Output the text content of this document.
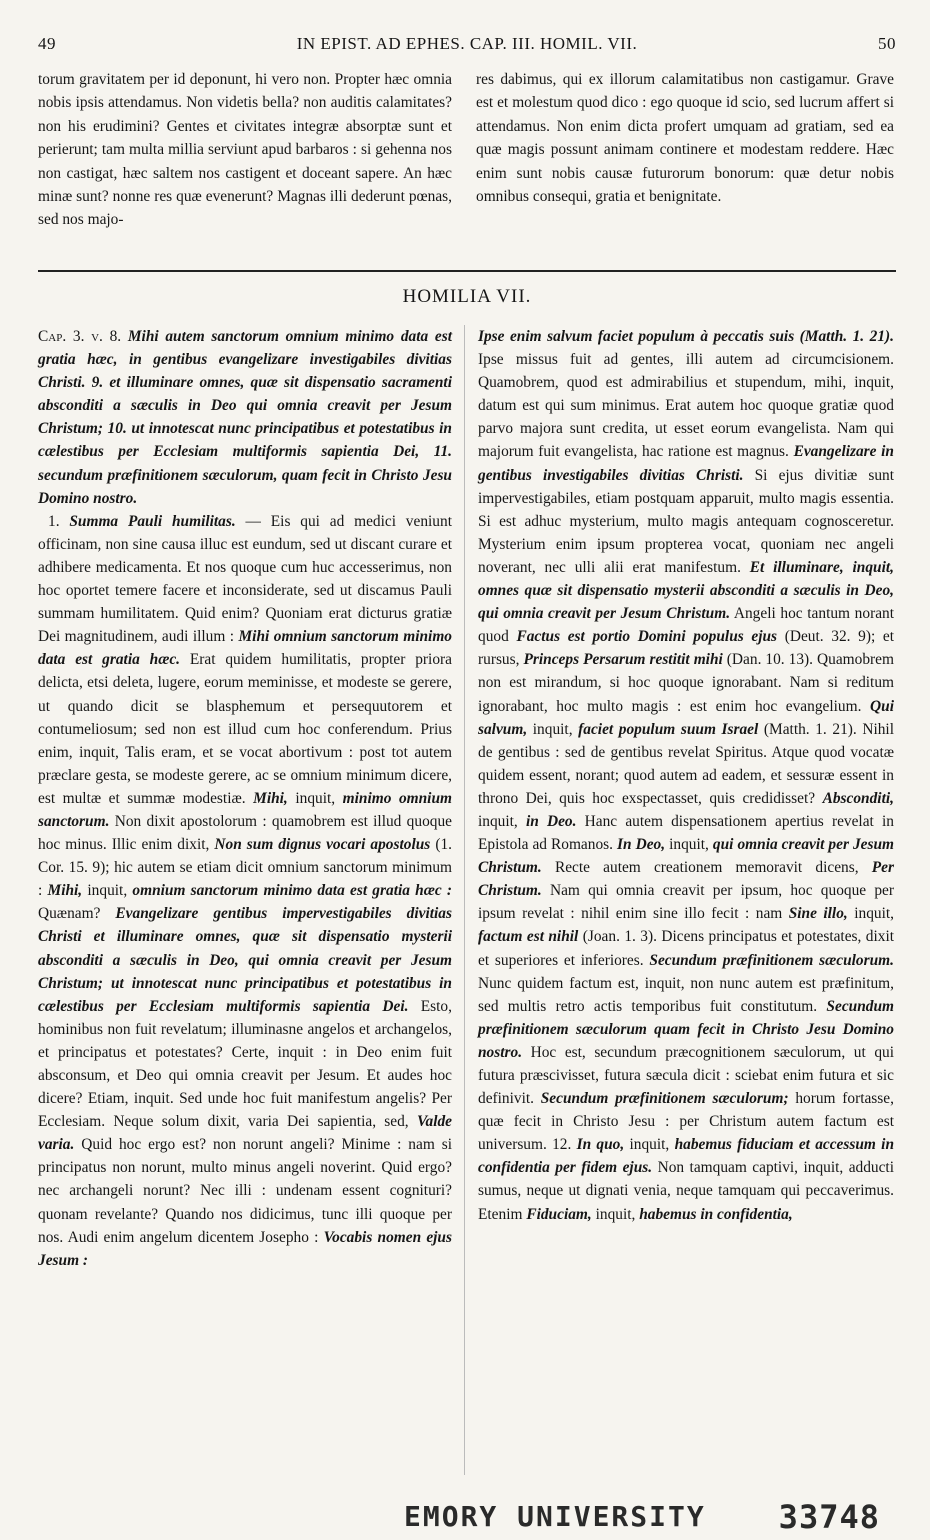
49	IN EPIST. AD EPHES. CAP. III. HOMIL. VII.	50

torum gravitatem per id deponunt, hi vero non. Propter hæc omnia nobis ipsis attendamus. Non videtis bella? non auditis calamitates? non his erudimini? Gentes et civitates integræ absorptæ sunt et perierunt; tam multa millia serviunt apud barbaros : si gehenna nos non castigat, hæc saltem nos castigent et doceant sapere. An hæc minæ sunt? nonne res quæ evenerunt? Magnas illi dederunt pœnas, sed nos majo-

res dabimus, qui ex illorum calamitatibus non castigamur. Grave est et molestum quod dico : ego quoque id scio, sed lucrum affert si attendamus. Non enim dicta profert umquam ad gratiam, sed ea quæ magis possunt animam continere et modestam reddere. Hæc enim sunt nobis causæ futurorum bonorum: quæ detur nobis omnibus consequi, gratia et benignitate.

HOMILIA VII.

Cap. 3. v. 8. Mihi autem sanctorum omnium minimo data est gratia hæc, in gentibus evangelizare investigabiles divitias Christi. 9. et illuminare omnes, quæ sit dispensatio sacramenti absconditi a sæculis in Deo qui omnia creavit per Jesum Christum; 10. ut innotescat nunc principatibus et potestatibus in cælestibus per Ecclesiam multiformis sapientia Dei, 11. secundum præfinitionem sæculorum, quam fecit in Christo Jesu Domino nostro.

1. Summa Pauli humilitas. — Eis qui ad medici veniunt officinam, non sine causa illuc est eundum, sed ut discant curare et adhibere medicamenta. Et nos quoque cum huc accesserimus, non hoc oportet temere facere et inconsiderate, sed ut discamus Pauli summam humilitatem. Quid enim? Quoniam erat dicturus gratiæ Dei magnitudinem, audi illum : Mihi omnium sanctorum minimo data est gratia hæc. Erat quidem humilitatis, propter priora delicta, etsi deleta, lugere, eorum meminisse, et modeste se gerere, ut quando dicit se blasphemum et persequutorem et contumeliosum; sed non est illud cum hoc conferendum. Prius enim, inquit, Talis eram, et se vocat abortivum : post tot autem præclare gesta, se modeste gerere, ac se omnium minimum dicere, est multæ et summæ modestiæ. Mihi, inquit, minimo omnium sanctorum. Non dixit apostolorum : quamobrem est illud quoque hoc minus. Illic enim dixit, Non sum dignus vocari apostolus (1. Cor. 15. 9); hic autem se etiam dicit omnium sanctorum minimum : Mihi, inquit, omnium sanctorum minimo data est gratia hæc : Quænam? Evangelizare gentibus impervestigabiles divitias Christi et illuminare omnes, quæ sit dispensatio mysterii absconditi a sæculis in Deo, qui omnia creavit per Jesum Christum; ut innotescat nunc principatibus et potestatibus in cælestibus per Ecclesiam multiformis sapientia Dei. Esto, hominibus non fuit revelatum; illuminasne angelos et archangelos, et principatus et potestates? Certe, inquit : in Deo enim fuit absconsum, et Deo qui omnia creavit per Jesum. Et audes hoc dicere? Etiam, inquit. Sed unde hoc fuit manifestum angelis? Per Ecclesiam. Neque solum dixit, varia Dei sapientia, sed, Valde varia. Quid hoc ergo est? non norunt angeli? Minime : nam si principatus non norunt, multo minus angeli noverint. Quid ergo? nec archangeli norunt? Nec illi : undenam essent cognituri? quonam revelante? Quando nos didicimus, tunc illi quoque per nos. Audi enim angelum dicentem Josepho : Vocabis nomen ejus Jesum :

Ipse enim salvum faciet populum à peccatis suis (Matth. 1. 21). Ipse missus fuit ad gentes, illi autem ad circumcisionem. Quamobrem, quod est admirabilius et stupendum, mihi, inquit, datum est qui sum minimus. Erat autem hoc quoque gratiæ quod parvo majora sunt credita, ut esset eorum evangelista. Nam qui majorum fuit evangelista, hac ratione est magnus. Evangelizare in gentibus investigabiles divitias Christi. Si ejus divitiæ sunt impervestigabiles, etiam postquam apparuit, multo magis essentia. Si est adhuc mysterium, multo magis antequam cognosceretur. Mysterium enim ipsum propterea vocat, quoniam nec angeli noverant, nec ulli alii erat manifestum. Et illuminare, inquit, omnes quæ sit dispensatio mysterii absconditi a sæculis in Deo, qui omnia creavit per Jesum Christum. Angeli hoc tantum norant quod Factus est portio Domini populus ejus (Deut. 32. 9); et rursus, Princeps Persarum restitit mihi (Dan. 10. 13). Quamobrem non est mirandum, si hoc quoque ignorabant. Nam si reditum ignorabant, hoc multo magis : est enim hoc evangelium. Qui salvum, inquit, faciet populum suum Israel (Matth. 1. 21). Nihil de gentibus : sed de gentibus revelat Spiritus. Atque quod vocatæ quidem essent, norant; quod autem ad eadem, et sessuræ essent in throno Dei, quis hoc exspectasset, quis credidisset? Absconditi, inquit, in Deo. Hanc autem dispensationem apertius revelat in Epistola ad Romanos. In Deo, inquit, qui omnia creavit per Jesum Christum. Recte autem creationem memoravit dicens, Per Christum. Nam qui omnia creavit per ipsum, hoc quoque per ipsum revelat : nihil enim sine illo fecit : nam Sine illo, inquit, factum est nihil (Joan. 1. 3). Dicens principatus et potestates, dixit et superiores et inferiores. Secundum præfinitionem sæculorum. Nunc quidem factum est, inquit, non nunc autem est præfinitum, sed multis retro actis temporibus fuit constitutum. Secundum præfinitionem sæculorum quam fecit in Christo Jesu Domino nostro. Hoc est, secundum præcognitionem sæculorum, ut qui futura præscivisset, futura sæcula dicit : sciebat enim futura et sic definivit. Secundum præfinitionem sæculorum; horum fortasse, quæ fecit in Christo Jesu : per Christum autem factum est universum. 12. In quo, inquit, habemus fiduciam et accessum in confidentia per fidem ejus. Non tamquam captivi, inquit, adducti sumus, neque ut dignati venia, neque tamquam qui peccaverimus. Etenim Fiduciam, inquit, habemus in confidentia,

EMORY UNIVERSITY 33748
